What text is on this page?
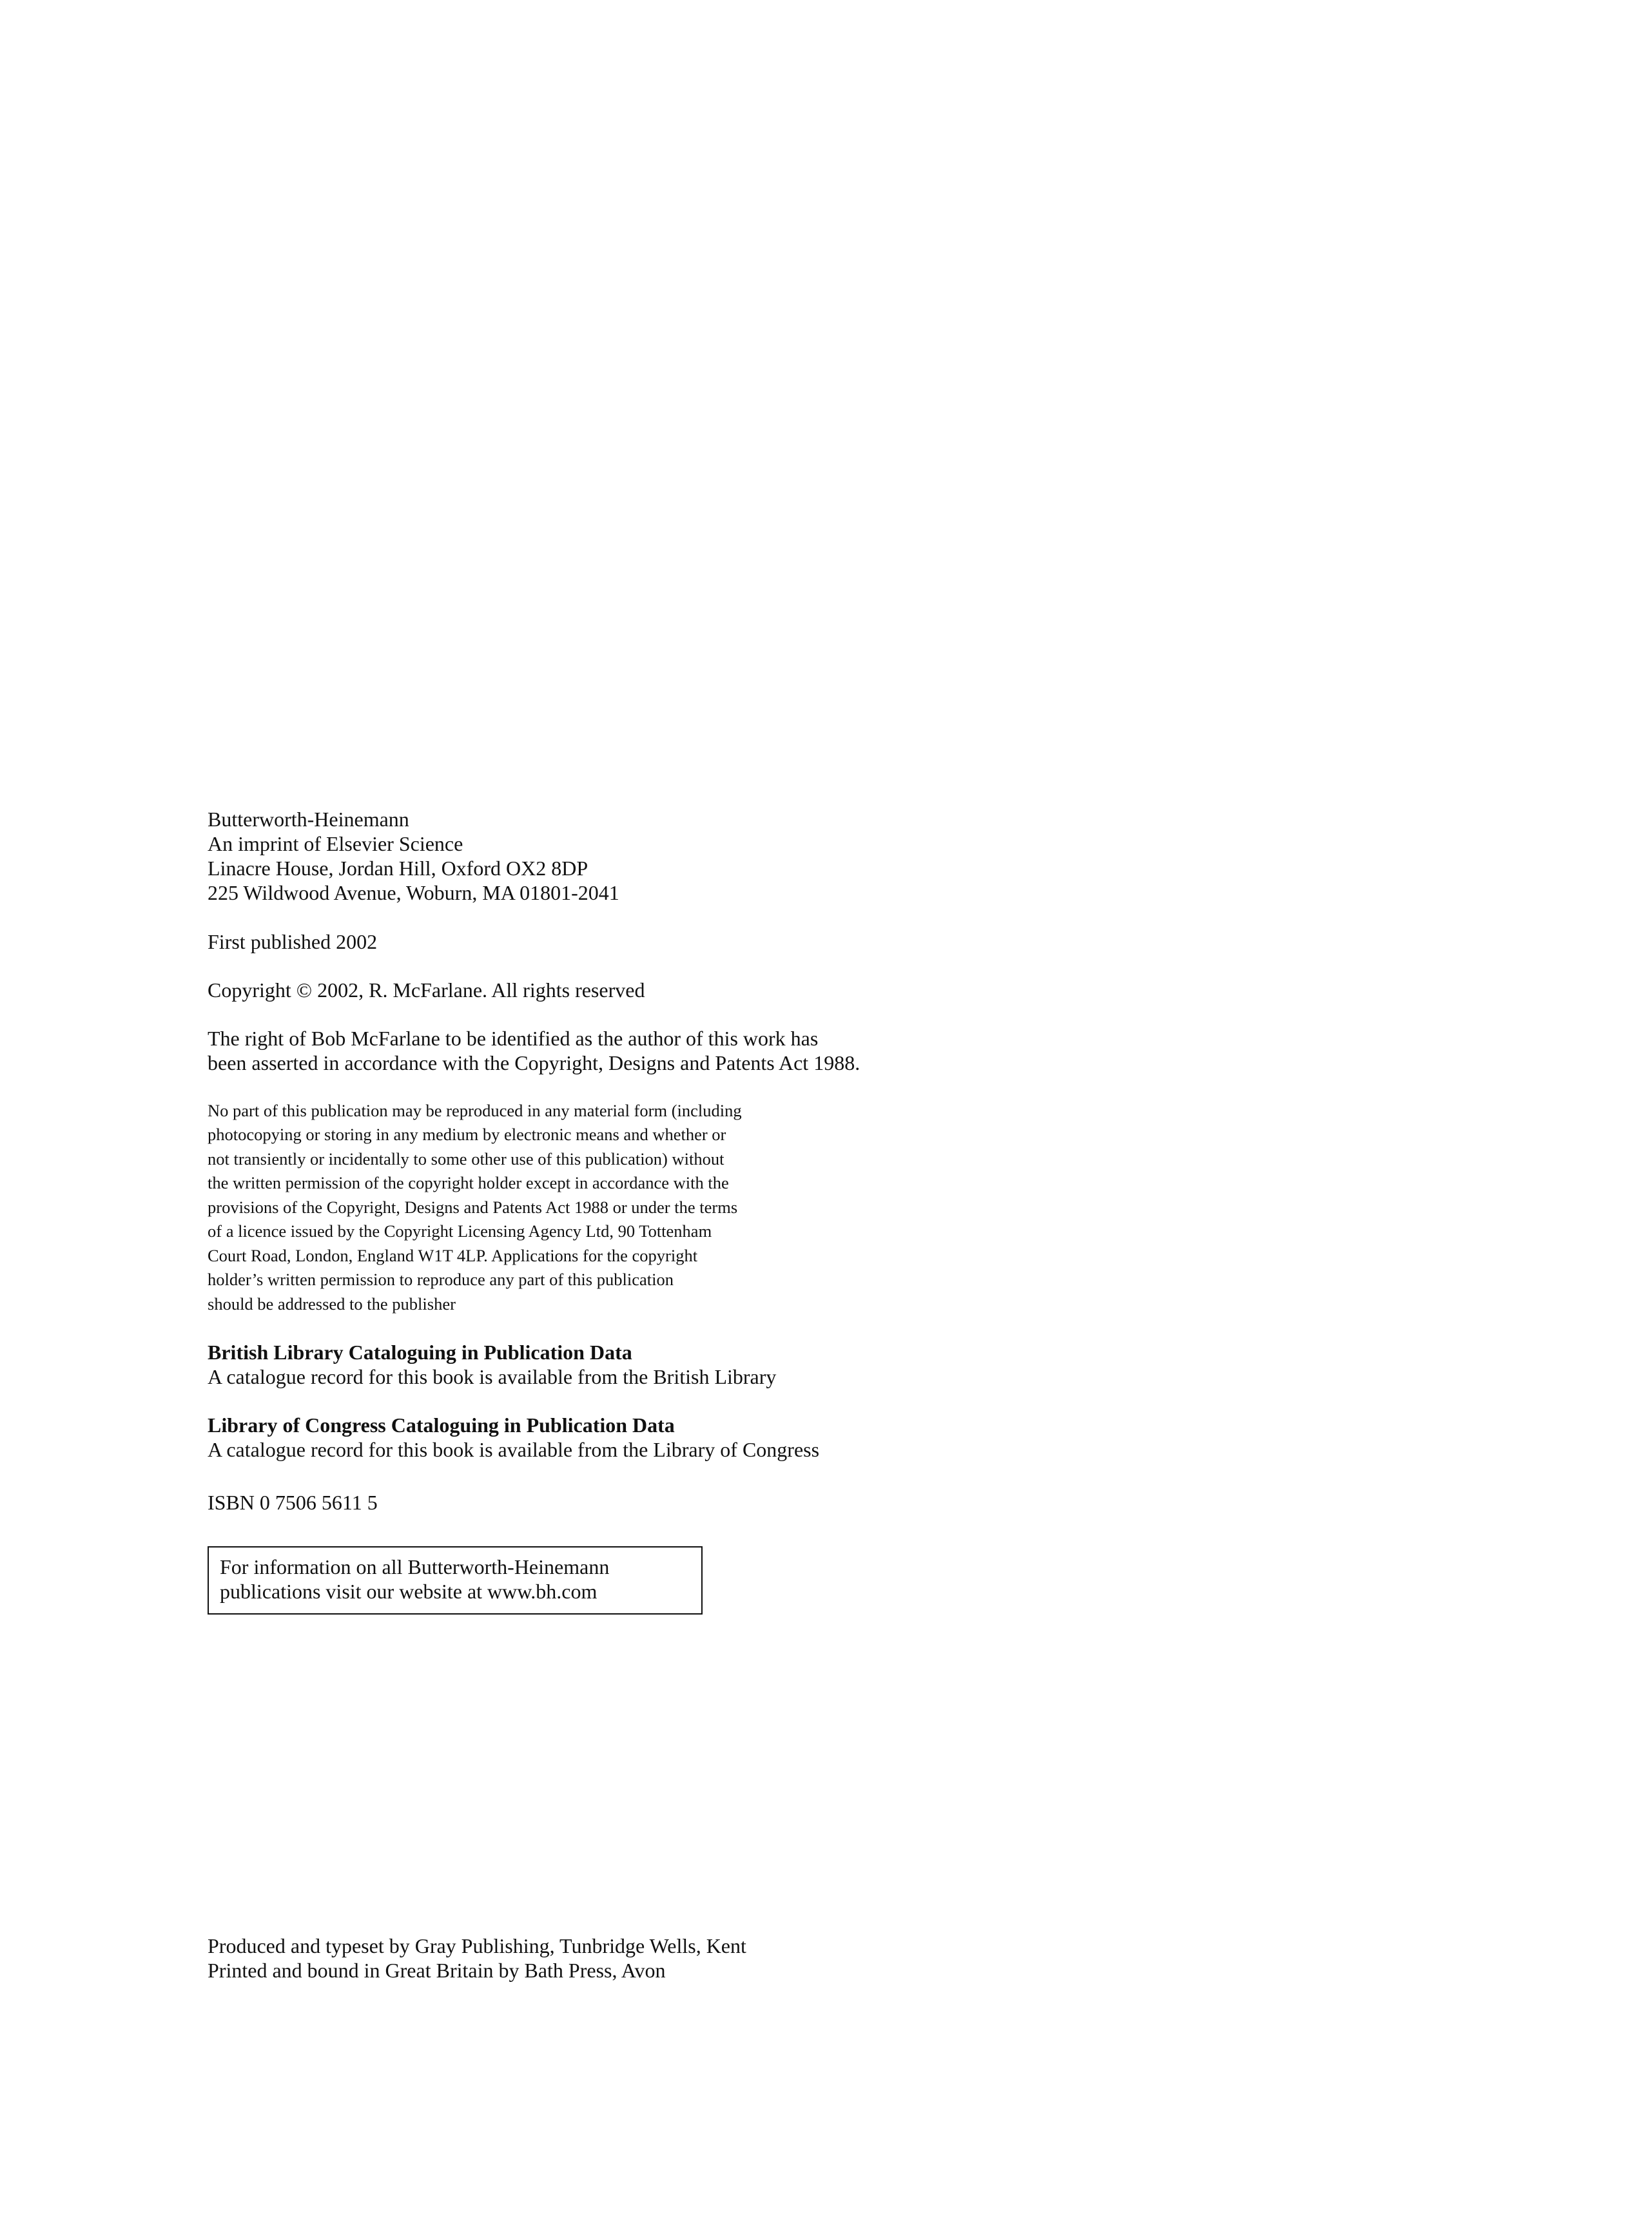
Butterworth-Heinemann
An imprint of Elsevier Science
Linacre House, Jordan Hill, Oxford OX2 8DP
225 Wildwood Avenue, Woburn, MA 01801-2041
First published 2002
Copyright © 2002, R. McFarlane. All rights reserved
The right of Bob McFarlane to be identified as the author of this work has
been asserted in accordance with the Copyright, Designs and Patents Act 1988.
No part of this publication may be reproduced in any material form (including
photocopying or storing in any medium by electronic means and whether or
not transiently or incidentally to some other use of this publication) without
the written permission of the copyright holder except in accordance with the
provisions of the Copyright, Designs and Patents Act 1988 or under the terms
of a licence issued by the Copyright Licensing Agency Ltd, 90 Tottenham
Court Road, London, England W1T 4LP. Applications for the copyright
holder’s written permission to reproduce any part of this publication
should be addressed to the publisher
British Library Cataloguing in Publication Data
A catalogue record for this book is available from the British Library
Library of Congress Cataloguing in Publication Data
A catalogue record for this book is available from the Library of Congress
ISBN 0 7506 5611 5
For information on all Butterworth-Heinemann
publications visit our website at www.bh.com
Produced and typeset by Gray Publishing, Tunbridge Wells, Kent
Printed and bound in Great Britain by Bath Press, Avon
